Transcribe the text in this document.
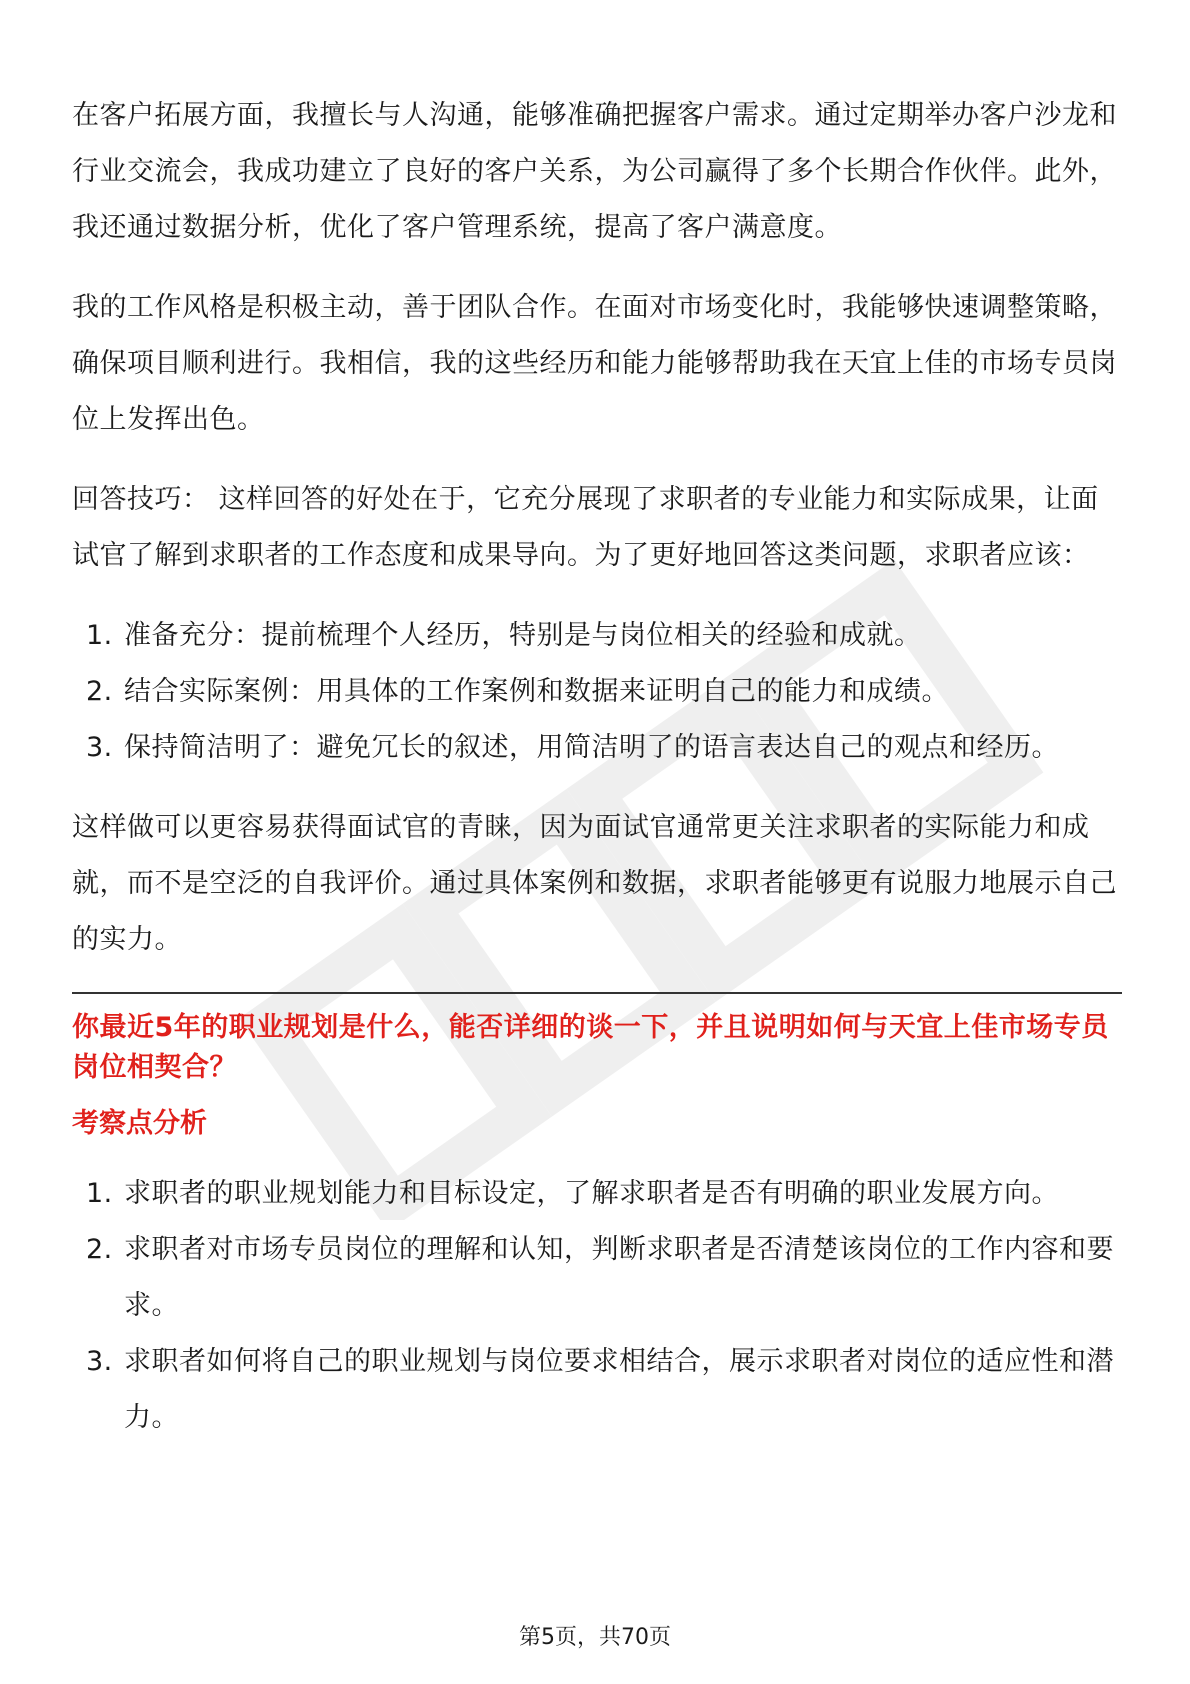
在客户拓展方面，我擅长与人沟通，能够准确把握客户需求。通过定期举办客户沙龙和行业交流会，我成功建立了良好的客户关系，为公司赢得了多个长期合作伙伴。此外，我还通过数据分析，优化了客户管理系统，提高了客户满意度。

我的工作风格是积极主动，善于团队合作。在面对市场变化时，我能够快速调整策略，确保项目顺利进行。我相信，我的这些经历和能力能够帮助我在天宜上佳的市场专员岗位上发挥出色。

回答技巧： 这样回答的好处在于，它充分展现了求职者的专业能力和实际成果，让面试官了解到求职者的工作态度和成果导向。为了更好地回答这类问题，求职者应该：

1. 准备充分：提前梳理个人经历，特别是与岗位相关的经验和成就。
2. 结合实际案例：用具体的工作案例和数据来证明自己的能力和成绩。
3. 保持简洁明了：避免冗长的叙述，用简洁明了的语言表达自己的观点和经历。

这样做可以更容易获得面试官的青睐，因为面试官通常更关注求职者的实际能力和成就，而不是空泛的自我评价。通过具体案例和数据，求职者能够更有说服力地展示自己的实力。

你最近5年的职业规划是什么，能否详细的谈一下，并且说明如何与天宜上佳市场专员岗位相契合？

考察点分析

1. 求职者的职业规划能力和目标设定，了解求职者是否有明确的职业发展方向。
2. 求职者对市场专员岗位的理解和认知，判断求职者是否清楚该岗位的工作内容和要求。
3. 求职者如何将自己的职业规划与岗位要求相结合，展示求职者对岗位的适应性和潜力。
第5页，共70页
